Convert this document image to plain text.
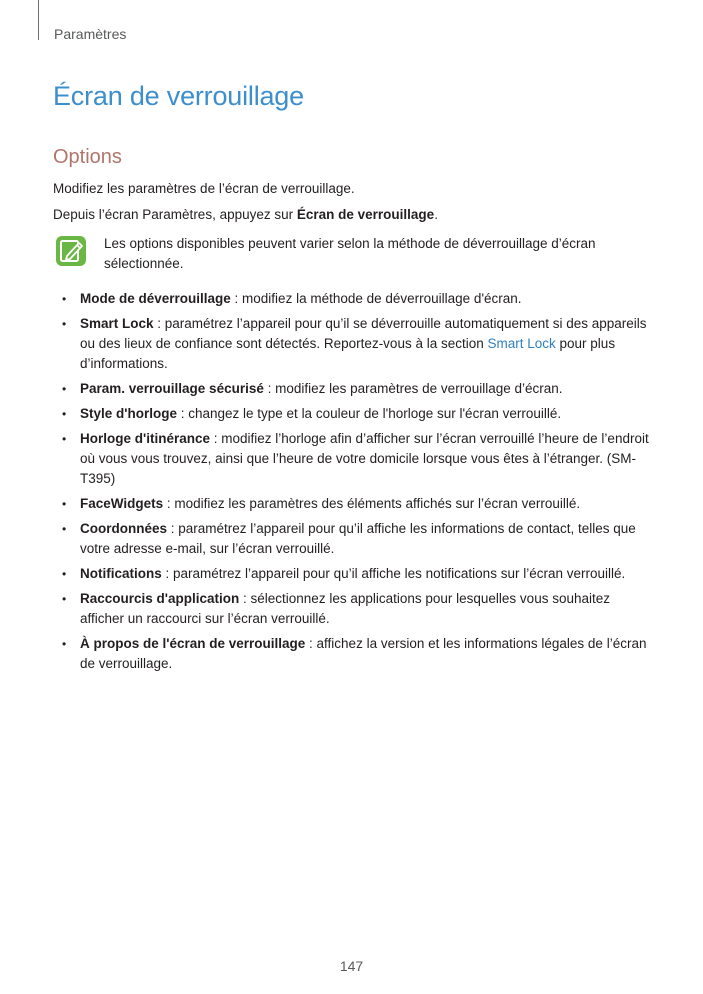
Paramètres
Écran de verrouillage
Options

Modifiez les paramètres de l’écran de verrouillage.

Depuis l’écran Paramètres, appuyez sur Écran de verrouillage.

Les options disponibles peuvent varier selon la méthode de déverrouillage d’écran sélectionnée.

• Mode de déverrouillage : modifiez la méthode de déverrouillage d'écran.
• Smart Lock : paramétrez l’appareil pour qu’il se déverrouille automatiquement si des appareils ou des lieux de confiance sont détectés. Reportez-vous à la section Smart Lock pour plus d’informations.
• Param. verrouillage sécurisé : modifiez les paramètres de verrouillage d’écran.
• Style d'horloge : changez le type et la couleur de l'horloge sur l'écran verrouillé.
• Horloge d'itinérance : modifiez l’horloge afin d’afficher sur l’écran verrouillé l’heure de l’endroit où vous vous trouvez, ainsi que l’heure de votre domicile lorsque vous êtes à l’étranger. (SM-T395)
• FaceWidgets : modifiez les paramètres des éléments affichés sur l’écran verrouillé.
• Coordonnées : paramétrez l’appareil pour qu’il affiche les informations de contact, telles que votre adresse e-mail, sur l’écran verrouillé.
• Notifications : paramétrez l’appareil pour qu’il affiche les notifications sur l’écran verrouillé.
• Raccourcis d'application : sélectionnez les applications pour lesquelles vous souhaitez afficher un raccourci sur l’écran verrouillé.
• À propos de l'écran de verrouillage : affichez la version et les informations légales de l’écran de verrouillage.
147
